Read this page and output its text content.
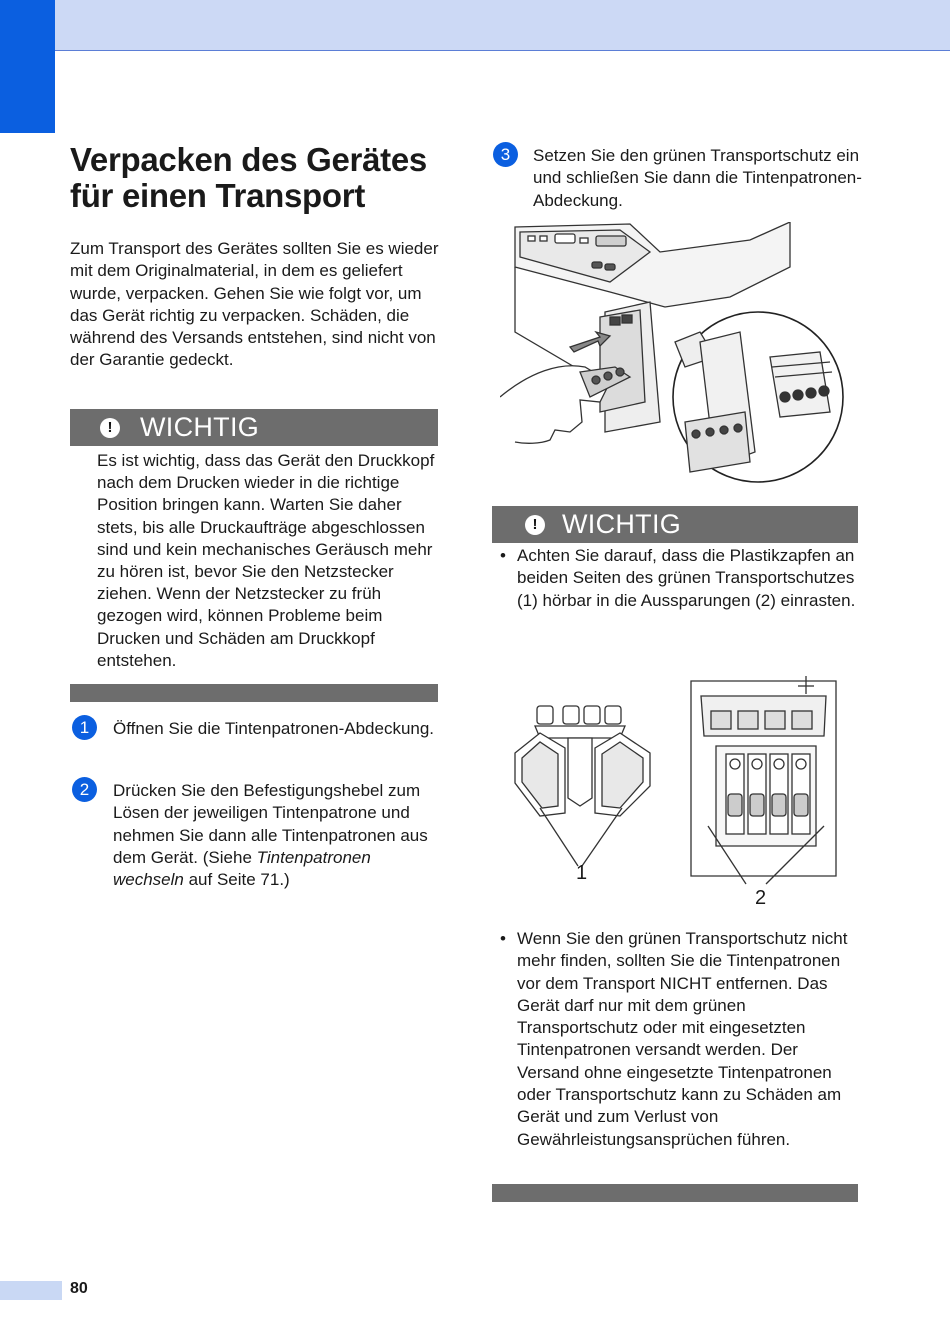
Verpacken des Gerätes
für einen Transport

Zum Transport des Gerätes sollten Sie es wieder mit dem Originalmaterial, in dem es geliefert wurde, verpacken. Gehen Sie wie folgt vor, um das Gerät richtig zu verpacken. Schäden, die während des Versands entstehen, sind nicht von der Garantie gedeckt.

! WICHTIG

Es ist wichtig, dass das Gerät den Druckkopf nach dem Drucken wieder in die richtige Position bringen kann. Warten Sie daher stets, bis alle Druckaufträge abgeschlossen sind und kein mechanisches Geräusch mehr zu hören ist, bevor Sie den Netzstecker ziehen. Wenn der Netzstecker zu früh gezogen wird, können Probleme beim Drucken und Schäden am Druckkopf entstehen.

1	Öffnen Sie die Tintenpatronen-Abdeckung.

2	Drücken Sie den Befestigungshebel zum Lösen der jeweiligen Tintenpatrone und nehmen Sie dann alle Tintenpatronen aus dem Gerät. (Siehe Tintenpatronen wechseln auf Seite 71.)

3	Setzen Sie den grünen Transportschutz ein und schließen Sie dann die Tintenpatronen-Abdeckung.

! WICHTIG
• Achten Sie darauf, dass die Plastikzapfen an beiden Seiten des grünen Transportschutzes (1) hörbar in die Aussparungen (2) einrasten.

1
2
• Wenn Sie den grünen Transportschutz nicht mehr finden, sollten Sie die Tintenpatronen vor dem Transport NICHT entfernen. Das Gerät darf nur mit dem grünen Transportschutz oder mit eingesetzten Tintenpatronen versandt werden. Der Versand ohne eingesetzte Tintenpatronen oder Transportschutz kann zu Schäden am Gerät und zum Verlust von Gewährleistungsansprüchen führen.

80
